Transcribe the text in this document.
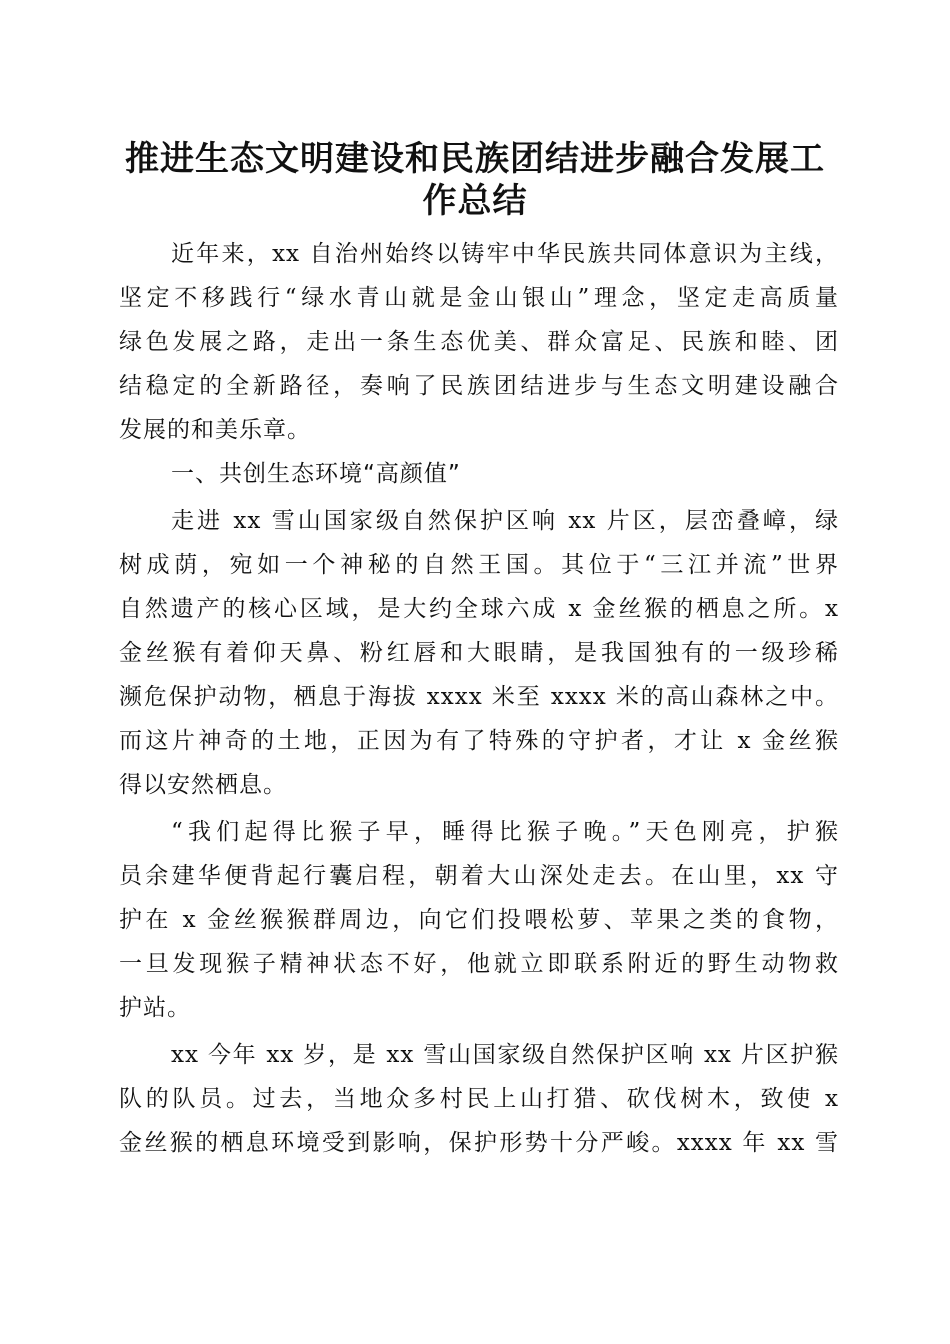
推进生态文明建设和民族团结进步融合发展工
作总结
近年来，xx 自治州始终以铸牢中华民族共同体意识为主线，
坚定不移践行“绿水青山就是金山银山”理念，坚定走高质量
绿色发展之路，走出一条生态优美、群众富足、民族和睦、团
结稳定的全新路径，奏响了民族团结进步与生态文明建设融合
发展的和美乐章。
一、共创生态环境“高颜值”
走进 xx 雪山国家级自然保护区响 xx 片区，层峦叠嶂，绿
树成荫，宛如一个神秘的自然王国。其位于“三江并流”世界
自然遗产的核心区域，是大约全球六成 x 金丝猴的栖息之所。x
金丝猴有着仰天鼻、粉红唇和大眼睛，是我国独有的一级珍稀
濒危保护动物，栖息于海拔 xxxx 米至 xxxx 米的高山森林之中。
而这片神奇的土地，正因为有了特殊的守护者，才让 x 金丝猴
得以安然栖息。
“我们起得比猴子早，睡得比猴子晚。”天色刚亮，护猴
员余建华便背起行囊启程，朝着大山深处走去。在山里，xx 守
护在 x 金丝猴猴群周边，向它们投喂松萝、苹果之类的食物，
一旦发现猴子精神状态不好，他就立即联系附近的野生动物救
护站。
xx 今年 xx 岁，是 xx 雪山国家级自然保护区响 xx 片区护猴
队的队员。过去，当地众多村民上山打猎、砍伐树木，致使 x
金丝猴的栖息环境受到影响，保护形势十分严峻。xxxx 年 xx 雪
